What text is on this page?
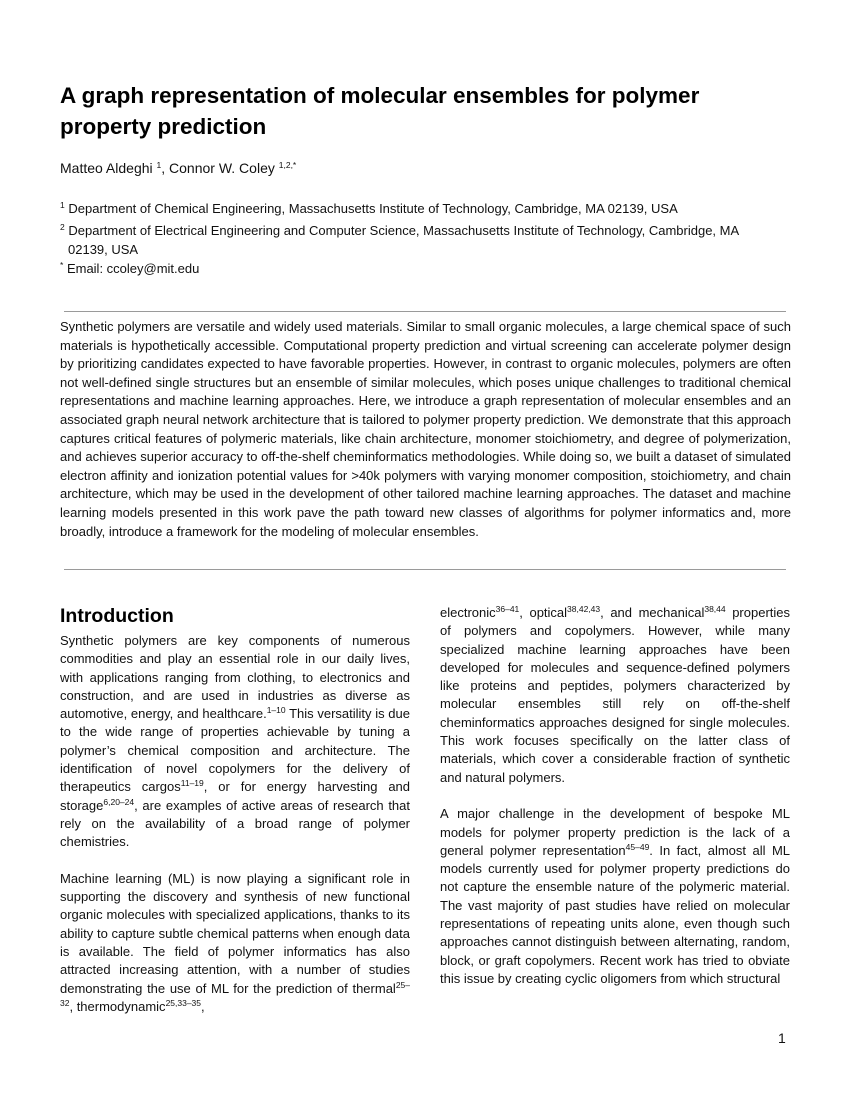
A graph representation of molecular ensembles for polymer property prediction
Matteo Aldeghi $^1$, Connor W. Coley $^{1,2,*}$
$^1$ Department of Chemical Engineering, Massachusetts Institute of Technology, Cambridge, MA 02139, USA
$^2$ Department of Electrical Engineering and Computer Science, Massachusetts Institute of Technology, Cambridge, MA 02139, USA
* Email: ccoley@mit.edu

Synthetic polymers are versatile and widely used materials. Similar to small organic molecules, a large chemical space of such materials is hypothetically accessible. Computational property prediction and virtual screening can accelerate polymer design by prioritizing candidates expected to have favorable properties. However, in contrast to organic molecules, polymers are often not well-defined single structures but an ensemble of similar molecules, which poses unique challenges to traditional chemical representations and machine learning approaches. Here, we introduce a graph representation of molecular ensembles and an associated graph neural network architecture that is tailored to polymer property prediction. We demonstrate that this approach captures critical features of polymeric materials, like chain architecture, monomer stoichiometry, and degree of polymerization, and achieves superior accuracy to off-the-shelf cheminformatics methodologies. While doing so, we built a dataset of simulated electron affinity and ionization potential values for >40k polymers with varying monomer composition, stoichiometry, and chain architecture, which may be used in the development of other tailored machine learning approaches. The dataset and machine learning models presented in this work pave the path toward new classes of algorithms for polymer informatics and, more broadly, introduce a framework for the modeling of molecular ensembles.

Introduction

Synthetic polymers are key components of numerous commodities and play an essential role in our daily lives, with applications ranging from clothing, to electronics and construction, and are used in industries as diverse as automotive, energy, and healthcare.$^{1-10}$ This versatility is due to the wide range of properties achievable by tuning a polymer’s chemical composition and architecture. The identification of novel copolymers for the delivery of therapeutics cargos$^{11-19}$, or for energy harvesting and storage$^{6,20-24}$, are examples of active areas of research that rely on the availability of a broad range of polymer chemistries.

Machine learning (ML) is now playing a significant role in supporting the discovery and synthesis of new functional organic molecules with specialized applications, thanks to its ability to capture subtle chemical patterns when enough data is available. The field of polymer informatics has also attracted increasing attention, with a number of studies demonstrating the use of ML for the prediction of thermal$^{25-32}$, thermodynamic$^{25,33-35}$,

electronic$^{36-41}$, optical$^{38,42,43}$, and mechanical$^{38,44}$ properties of polymers and copolymers. However, while many specialized machine learning approaches have been developed for molecules and sequence-defined polymers like proteins and peptides, polymers characterized by molecular ensembles still rely on off-the-shelf cheminformatics approaches designed for single molecules. This work focuses specifically on the latter class of materials, which cover a considerable fraction of synthetic and natural polymers.

A major challenge in the development of bespoke ML models for polymer property prediction is the lack of a general polymer representation$^{45-49}$. In fact, almost all ML models currently used for polymer property predictions do not capture the ensemble nature of the polymeric material. The vast majority of past studies have relied on molecular representations of repeating units alone, even though such approaches cannot distinguish between alternating, random, block, or graft copolymers. Recent work has tried to obviate this issue by creating cyclic oligomers from which structural

1
